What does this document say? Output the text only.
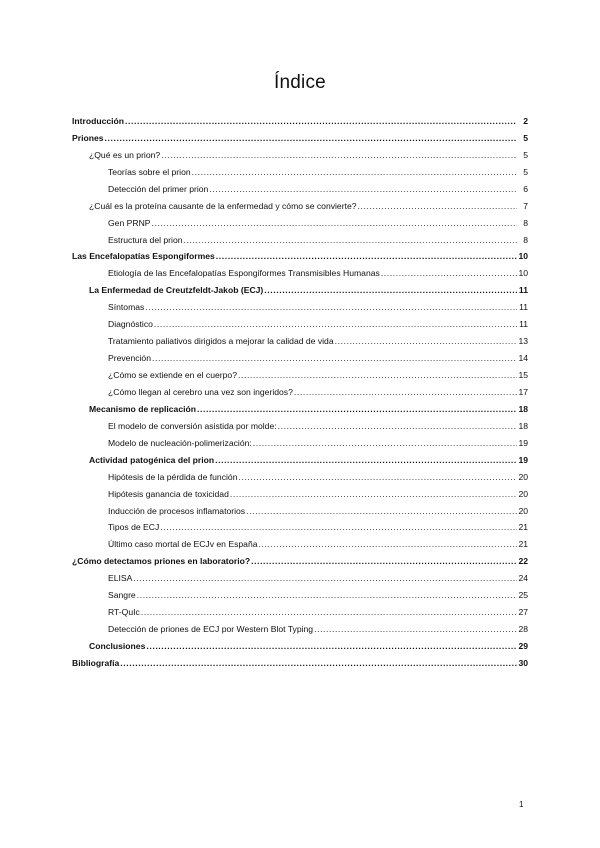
Índice
Introducción .....	2
Priones .....	5
¿Qué es un prion? .....	5
Teorías sobre el prion .....	5
Detección del primer prion .....	6
¿Cuál es la proteína causante de la enfermedad y cómo se convierte? .....	7
Gen PRNP .....	8
Estructura del prion .....	8
Las Encefalopatías Espongiformes .....	10
Etiología de las Encefalopatías Espongiformes Transmisibles Humanas .....	10
La Enfermedad de Creutzfeldt-Jakob (ECJ) .....	11
Síntomas .....	11
Diagnóstico .....	11
Tratamiento paliativos dirigidos a mejorar la calidad de vida .....	13
Prevención .....	14
¿Cómo se extiende en el cuerpo? .....	15
¿Cómo llegan al cerebro una vez son ingeridos? .....	17
Mecanismo de replicación .....	18
El modelo de conversión asistida por molde: .....	18
Modelo de nucleación-polimerización: .....	19
Actividad patogénica del prion .....	19
Hipótesis de la pérdida de función .....	20
Hipótesis ganancia de toxicidad .....	20
Inducción de procesos inflamatorios .....	20
Tipos de ECJ .....	21
Último caso mortal de ECJv en España .....	21
¿Cómo detectamos priones en laboratorio? .....	22
ELISA .....	24
Sangre .....	25
RT-QuIc .....	27
Detección de priones de ECJ por Western Blot Typing .....	28
Conclusiones .....	29
Bibliografía .....	30
1
